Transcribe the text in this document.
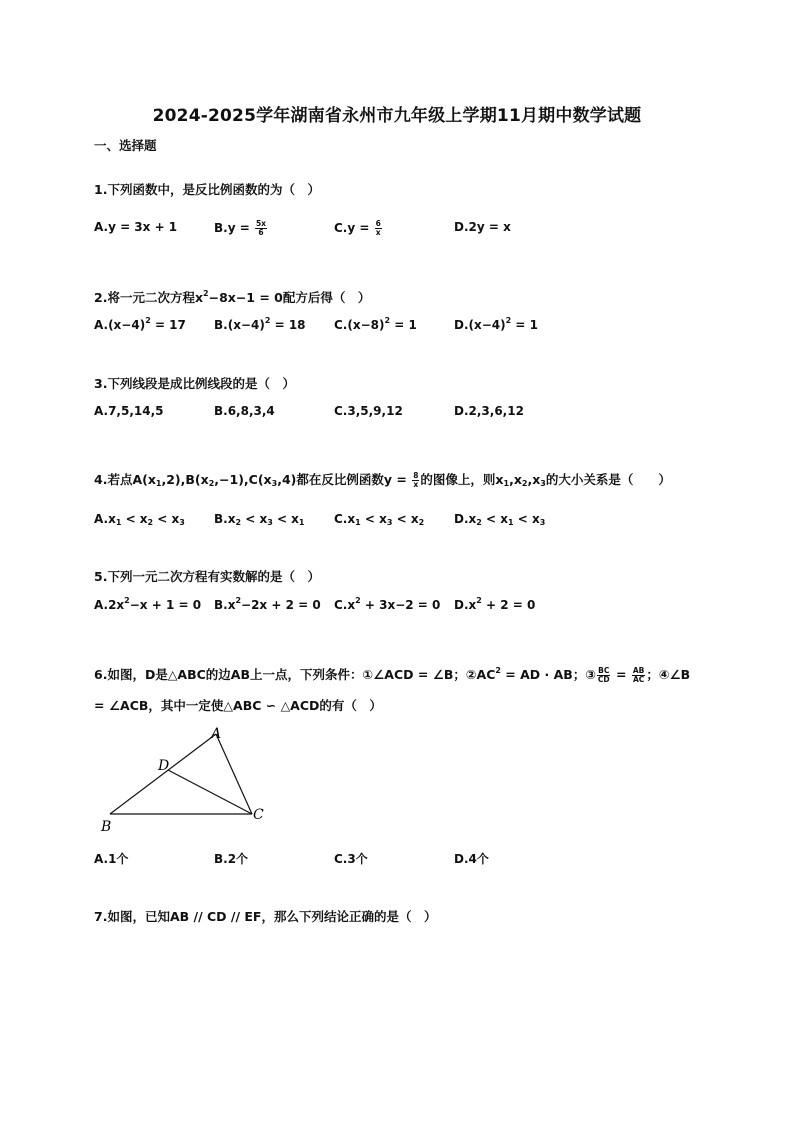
2024-2025学年湖南省永州市九年级上学期11月期中数学试题
一、选择题
1.下列函数中，是反比例函数的为（　）
A.y = 3x + 1	$B.y = \frac{5x}{6}$	$C.y = \frac{6}{x}$	D.2y = x
2.将一元二次方程$x^2-8x-1 = 0$配方后得（　）
$A.(x-4)^2 = 17$ $B.(x-4)^2 = 18$ $C.(x-8)^2 = 1$	$D.(x-4)^2 = 1$
3.下列线段是成比例线段的是（　）
A.7,5,14,5	B.6,8,3,4	C.3,5,9,12	D.2,3,6,12
4.若点$A(x_1,2),B(x_2,-1),C(x_3,4)$都在反比例函数$y = \frac{8}{x}$ 的图像上，则$x_1,x_2,x_3$的大小关系是（　　）
$A.x_1 < x_2 < x_3$ $B.x_2 < x_3 < x_1$ $C.x_1 < x_3 < x_2$ $D.x_2 < x_1 < x_3$
5.下列一元二次方程有实数解的是（　）
$A.2x^2-x + 1 = 0$ $B.x^2-2x + 2 = 0$ $C.x^2 + 3x-2 = 0$ $D.x^2 + 2 = 0$
6.如图，D是△ABC的边AB上一点，下列条件：①∠ACD = ∠B；$②AC^2$ = AD · AB；③ $\frac{BC}{CD} = \frac{AB}{AC}$ ；④∠B
= ∠ACB，其中一定使△ABC ∽ △ACD的有（　）
A
D
B
C
A.1个	B.2个	C.3个	D.4个
7.如图，已知AB // CD // EF，那么下列结论正确的是（　）
